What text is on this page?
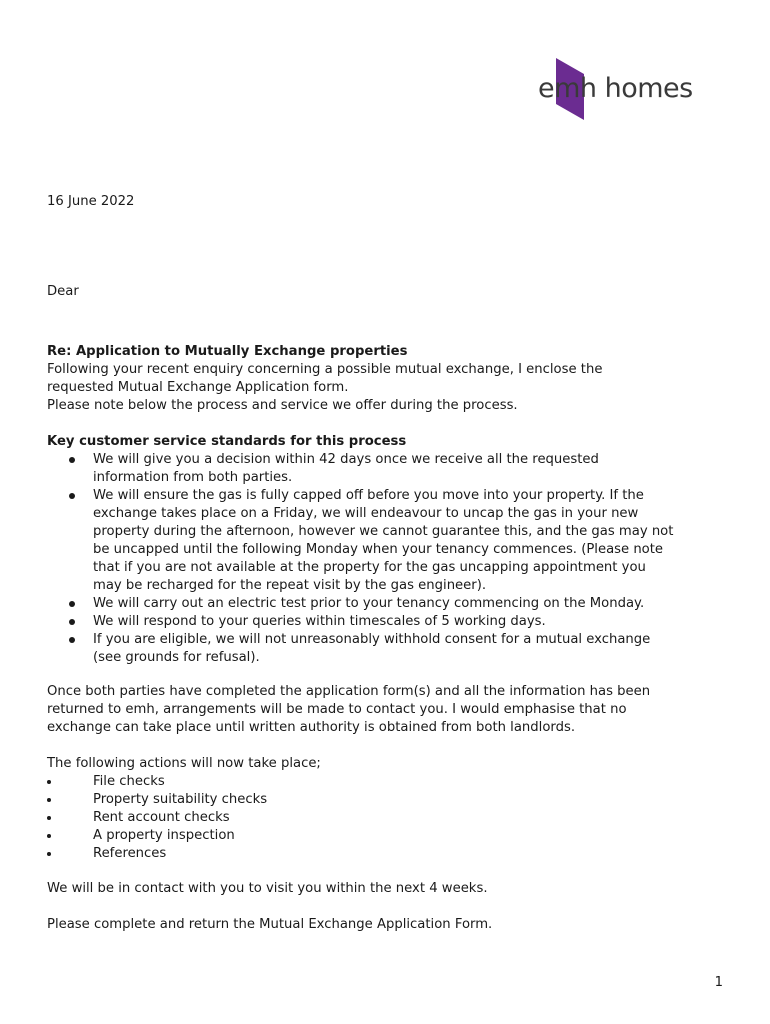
emh homes
16 June 2022
Dear
Re: Application to Mutually Exchange properties
Following your recent enquiry concerning a possible mutual exchange, I enclose the
requested Mutual Exchange Application form.
Please note below the process and service we offer during the process.
Key customer service standards for this process
We will give you a decision within 42 days once we receive all the requested
information from both parties.
We will ensure the gas is fully capped off before you move into your property. If the
exchange takes place on a Friday, we will endeavour to uncap the gas in your new
property during the afternoon, however we cannot guarantee this, and the gas may not
be uncapped until the following Monday when your tenancy commences. (Please note
that if you are not available at the property for the gas uncapping appointment you
may be recharged for the repeat visit by the gas engineer).
We will carry out an electric test prior to your tenancy commencing on the Monday.
We will respond to your queries within timescales of 5 working days.
If you are eligible, we will not unreasonably withhold consent for a mutual exchange
(see grounds for refusal).
Once both parties have completed the application form(s) and all the information has been
returned to emh, arrangements will be made to contact you. I would emphasise that no
exchange can take place until written authority is obtained from both landlords.
The following actions will now take place;
File checks
Property suitability checks
Rent account checks
A property inspection
References
We will be in contact with you to visit you within the next 4 weeks.
Please complete and return the Mutual Exchange Application Form.
1
